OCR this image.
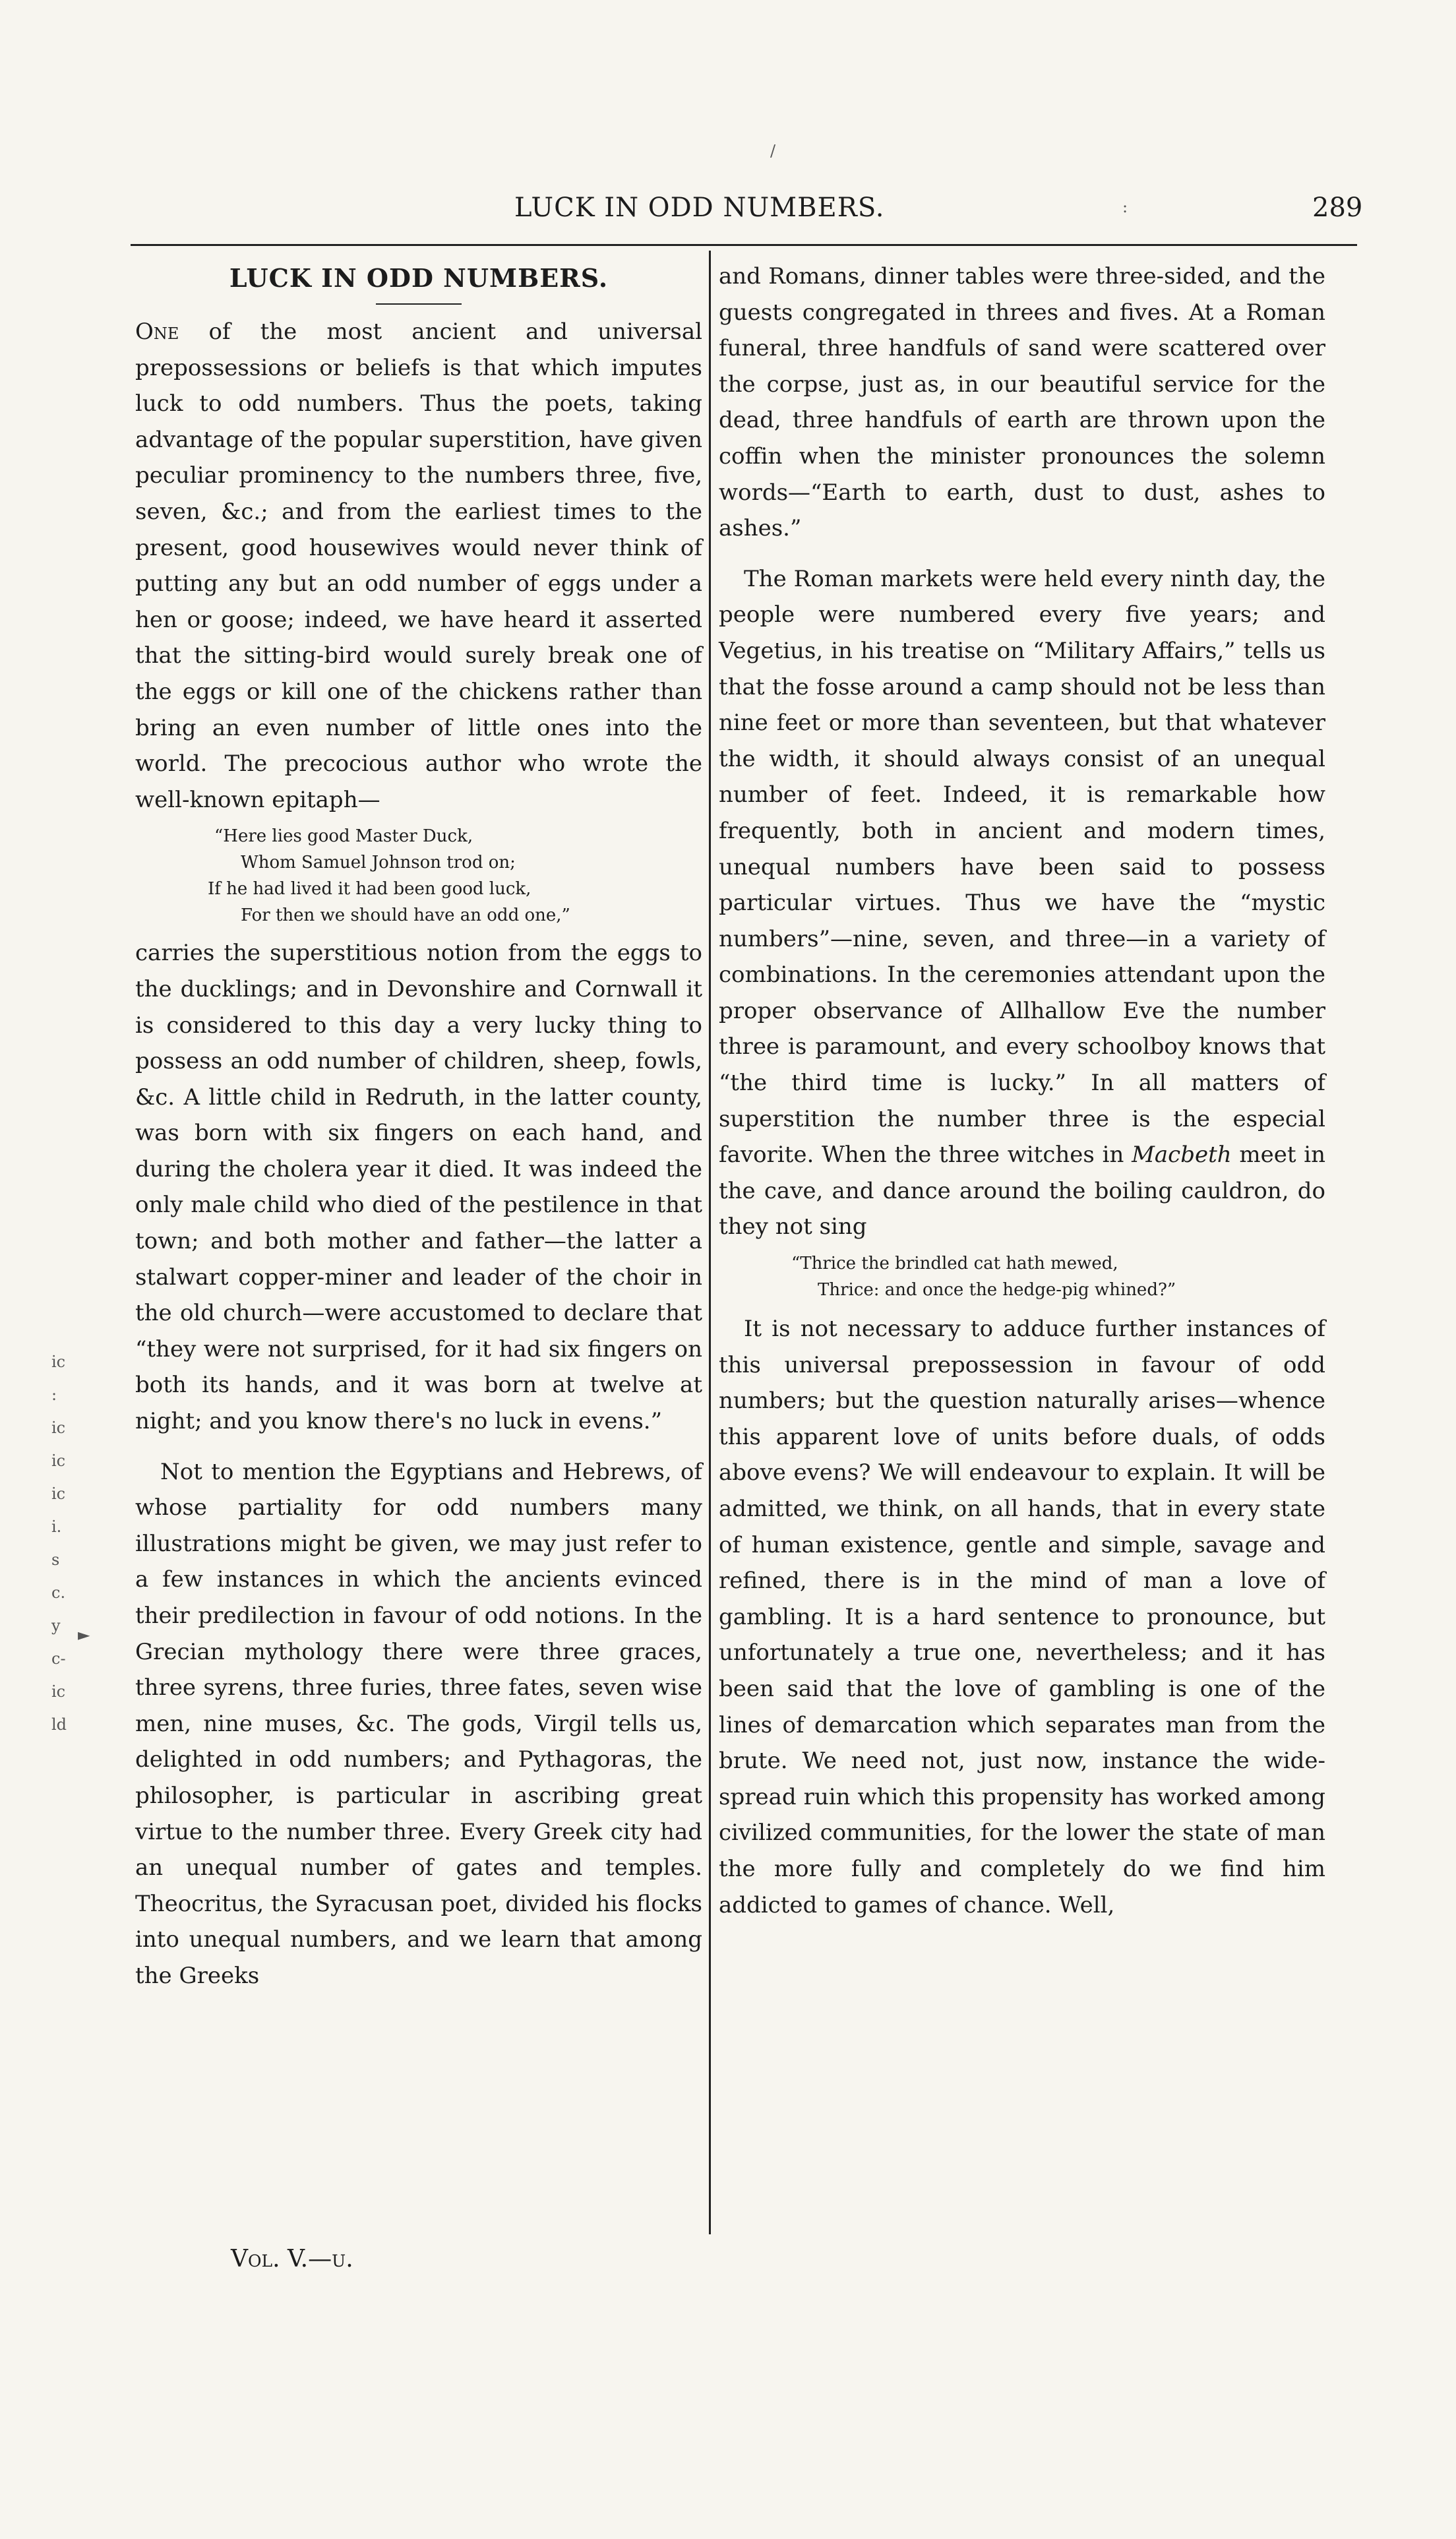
LUCK IN ODD NUMBERS.	289
LUCK IN ODD NUMBERS.

One of the most ancient and universal prepossessions or beliefs is that which imputes luck to odd numbers. Thus the poets, taking advantage of the popular superstition, have given peculiar prominency to the numbers three, five, seven, &c.; and from the earliest times to the present, good housewives would never think of putting any but an odd number of eggs under a hen or goose; indeed, we have heard it asserted that the sitting-bird would surely break one of the eggs or kill one of the chickens rather than bring an even number of little ones into the world. The precocious author who wrote the well-known epitaph—

“Here lies good Master Duck,
Whom Samuel Johnson trod on;
If he had lived it had been good luck,
For then we should have an odd one,”

carries the superstitious notion from the eggs to the ducklings; and in Devonshire and Cornwall it is considered to this day a very lucky thing to possess an odd number of children, sheep, fowls, &c. A little child in Redruth, in the latter county, was born with six fingers on each hand, and during the cholera year it died. It was indeed the only male child who died of the pestilence in that town; and both mother and father—the latter a stalwart copper-miner and leader of the choir in the old church—were accustomed to declare that “they were not surprised, for it had six fingers on both its hands, and it was born at twelve at night; and you know there's no luck in evens.”

Not to mention the Egyptians and Hebrews, of whose partiality for odd numbers many illustrations might be given, we may just refer to a few instances in which the ancients evinced their predilection in favour of odd notions. In the Grecian mythology there were three graces, three syrens, three furies, three fates, seven wise men, nine muses, &c. The gods, Virgil tells us, delighted in odd numbers; and Pythagoras, the philosopher, is particular in ascribing great virtue to the number three. Every Greek city had an unequal number of gates and temples. Theocritus, the Syracusan poet, divided his flocks into unequal numbers, and we learn that among the Greeks

and Romans, dinner tables were three-sided, and the guests congregated in threes and fives. At a Roman funeral, three handfuls of sand were scattered over the corpse, just as, in our beautiful service for the dead, three handfuls of earth are thrown upon the coffin when the minister pronounces the solemn words—“Earth to earth, dust to dust, ashes to ashes.”

The Roman markets were held every ninth day, the people were numbered every five years; and Vegetius, in his treatise on “Military Affairs,” tells us that the fosse around a camp should not be less than nine feet or more than seventeen, but that whatever the width, it should always consist of an unequal number of feet. Indeed, it is remarkable how frequently, both in ancient and modern times, unequal numbers have been said to possess particular virtues. Thus we have the “mystic numbers”—nine, seven, and three—in a variety of combinations. In the ceremonies attendant upon the proper observance of Allhallow Eve the number three is paramount, and every schoolboy knows that “the third time is lucky.” In all matters of superstition the number three is the especial favorite. When the three witches in Macbeth meet in the cave, and dance around the boiling cauldron, do they not sing

“Thrice the brindled cat hath mewed,
Thrice: and once the hedge-pig whined?”

It is not necessary to adduce further instances of this universal prepossession in favour of odd numbers; but the question naturally arises—whence this apparent love of units before duals, of odds above evens? We will endeavour to explain. It will be admitted, we think, on all hands, that in every state of human existence, gentle and simple, savage and refined, there is in the mind of man a love of gambling. It is a hard sentence to pronounce, but unfortunately a true one, nevertheless; and it has been said that the love of gambling is one of the lines of demarcation which separates man from the brute. We need not, just now, instance the wide-spread ruin which this propensity has worked among civilized communities, for the lower the state of man the more fully and completely do we find him addicted to games of chance. Well,

Vol. V.—u.
ic
:
ic
ic
ic
i.
s
c.
y
c-
ic
ld
/
:
►
